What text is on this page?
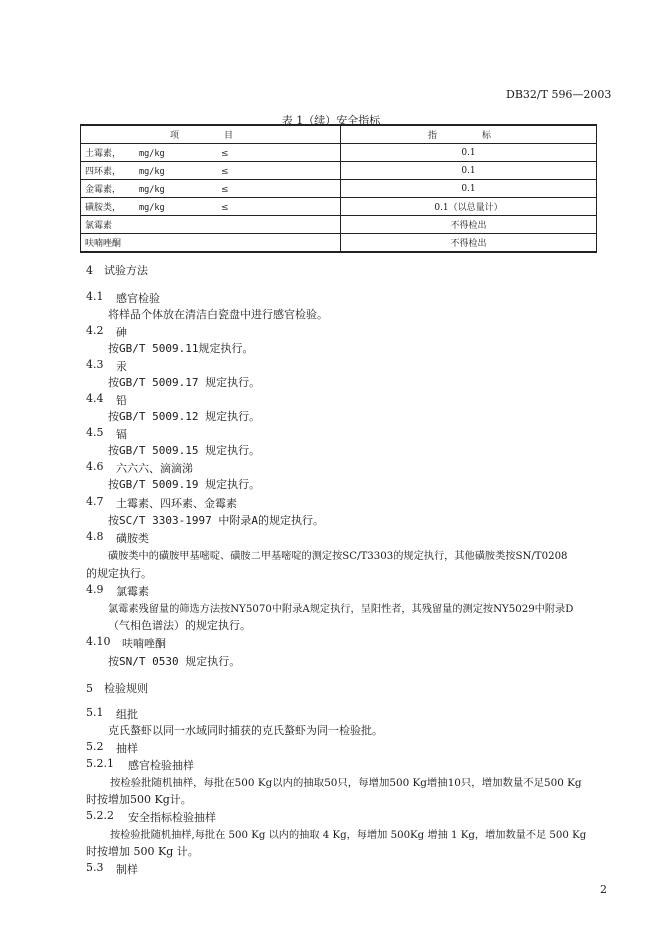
DB32/T 596—2003
表 1（续）安全指标
项　目	指　标
土霉素， mg/kg ≤	0.1
四环素， mg/kg ≤	0.1
金霉素， mg/kg ≤	0.1
磺胺类， mg/kg ≤	0.1（以总量计）
氯霉素	不得检出
呋喃唑酮	不得检出
4　试验方法
4.1 感官检验
将样品个体放在清洁白瓷盘中进行感官检验。
4.2 砷
按GB/T 5009.11规定执行。
4.3 汞
按GB/T 5009.17 规定执行。
4.4 铅
按GB/T 5009.12 规定执行。
4.5 镉
按GB/T 5009.15 规定执行。
4.6 六六六、滴滴涕
按GB/T 5009.19 规定执行。
4.7 土霉素、四环素、金霉素
按SC/T 3303-1997 中附录A的规定执行。
4.8 磺胺类
磺胺类中的磺胺甲基嘧啶、磺胺二甲基嘧啶的测定按SC/T3303的规定执行，其他磺胺类按SN/T0208
的规定执行。
4.9 氯霉素
氯霉素残留量的筛选方法按NY5070中附录A规定执行，呈阳性者，其残留量的测定按NY5029中附录D
（气相色谱法）的规定执行。
4.10 呋喃唑酮
按SN/T 0530 规定执行。
5　检验规则
5.1 组批
克氏螯虾以同一水域同时捕获的克氏螯虾为同一检验批。
5.2 抽样
5.2.1 感官检验抽样
按检验批随机抽样，每批在500 Kg以内的抽取50只，每增加500 Kg增抽10只，增加数量不足500 Kg
时按增加500 Kg计。
5.2.2 安全指标检验抽样
按检验批随机抽样,每批在 500 Kg 以内的抽取 4 Kg，每增加 500Kg 增抽 1 Kg，增加数量不足 500 Kg
时按增加 500 Kg 计。
5.3 制样
2
